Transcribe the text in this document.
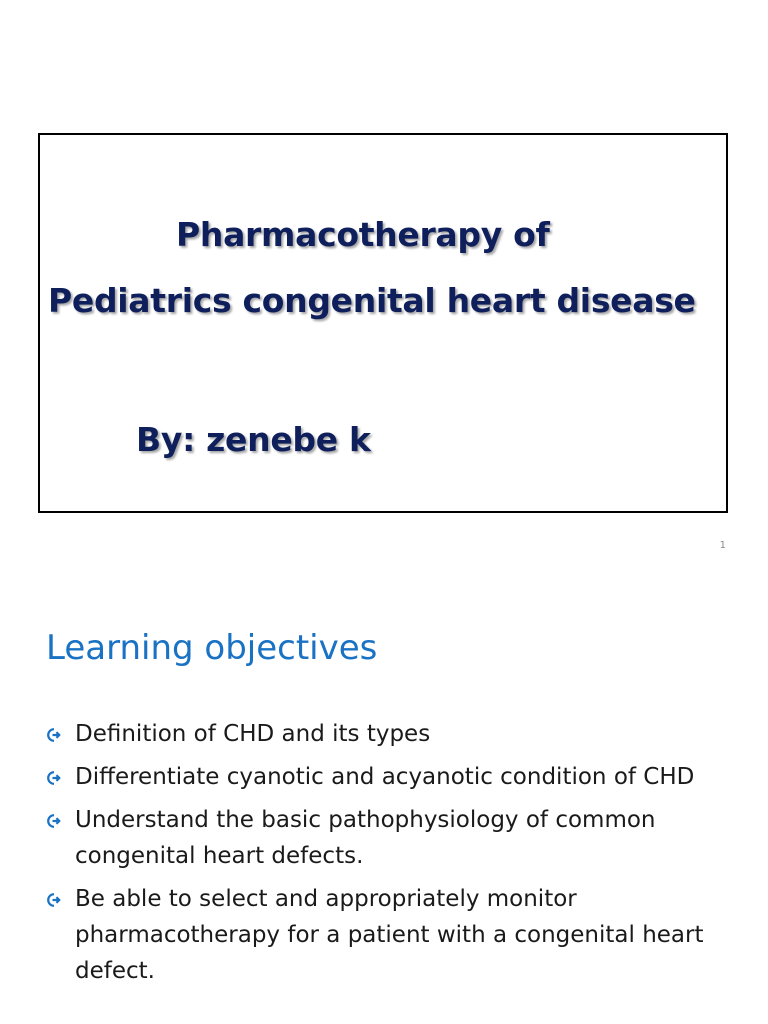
Pharmacotherapy of
Pediatrics congenital heart disease
By: zenebe k
1
Learning objectives
Definition of CHD and its types
Differentiate cyanotic and acyanotic condition of CHD
Understand the basic pathophysiology of common congenital heart defects.
Be able to select and appropriately monitor pharmacotherapy for a patient with a congenital heart defect.
